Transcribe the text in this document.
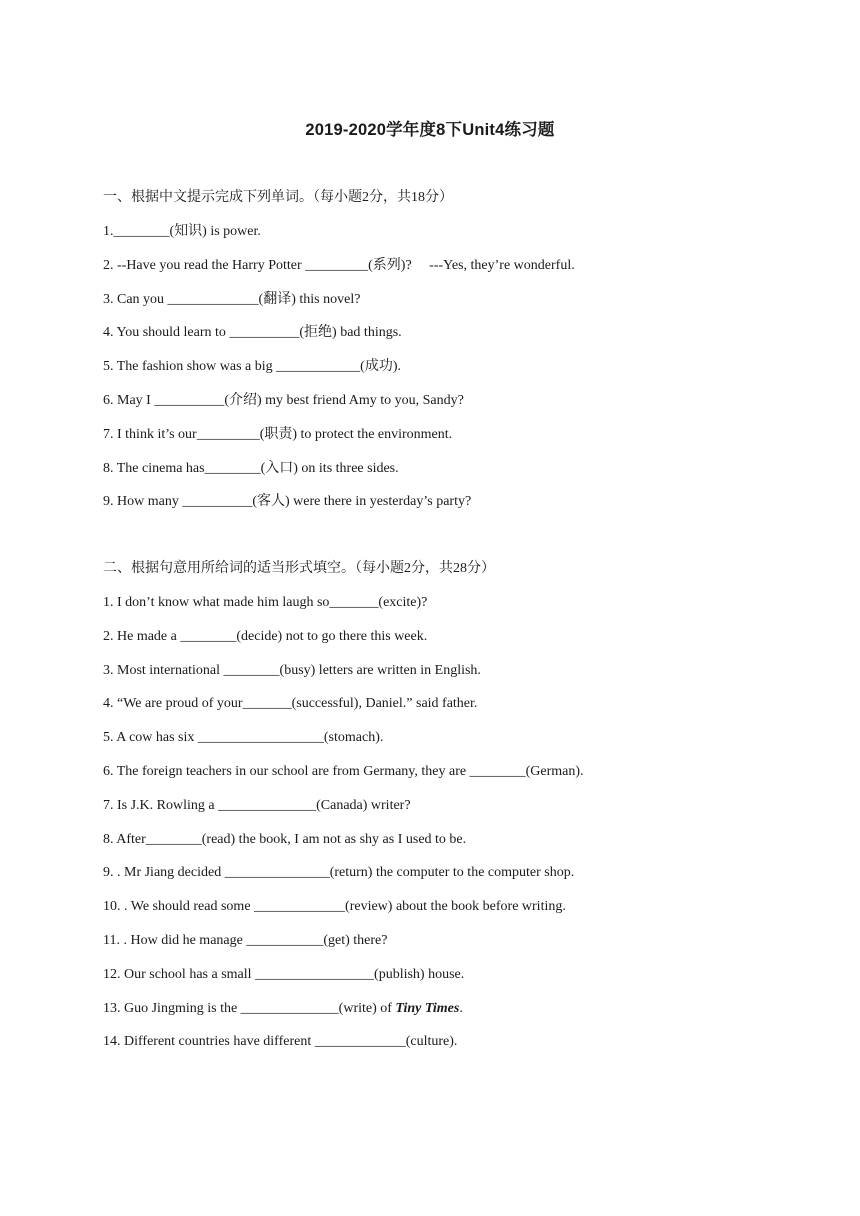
2019-2020学年度8下Unit4练习题
一、根据中文提示完成下列单词。（每小题2分，共18分）
1.________(知识) is power.
2. --Have you read the Harry Potter _________(系列)?     ---Yes, they’re wonderful.
3. Can you _____________(翻译) this novel?
4. You should learn to __________(拒绝) bad things.
5. The fashion show was a big ____________(成功).
6. May I __________(介绍) my best friend Amy to you, Sandy?
7. I think it’s our_________(职责) to protect the environment.
8. The cinema has________(入口) on its three sides.
9. How many __________(客人) were there in yesterday’s party?
二、根据句意用所给词的适当形式填空。（每小题2分，共28分）
1. I don’t know what made him laugh so_______(excite)?
2. He made a ________(decide) not to go there this week.
3. Most international ________(busy) letters are written in English.
4. “We are proud of your_______(successful), Daniel.” said father.
5. A cow has six __________________(stomach).
6. The foreign teachers in our school are from Germany, they are ________(German).
7. Is J.K. Rowling a ______________(Canada) writer?
8. After________(read) the book, I am not as shy as I used to be.
9. . Mr Jiang decided _______________(return) the computer to the computer shop.
10. . We should read some _____________(review) about the book before writing.
11. . How did he manage ___________(get) there?
12. Our school has a small _________________(publish) house.
13. Guo Jingming is the ______________(write) of Tiny Times.
14. Different countries have different _____________(culture).
